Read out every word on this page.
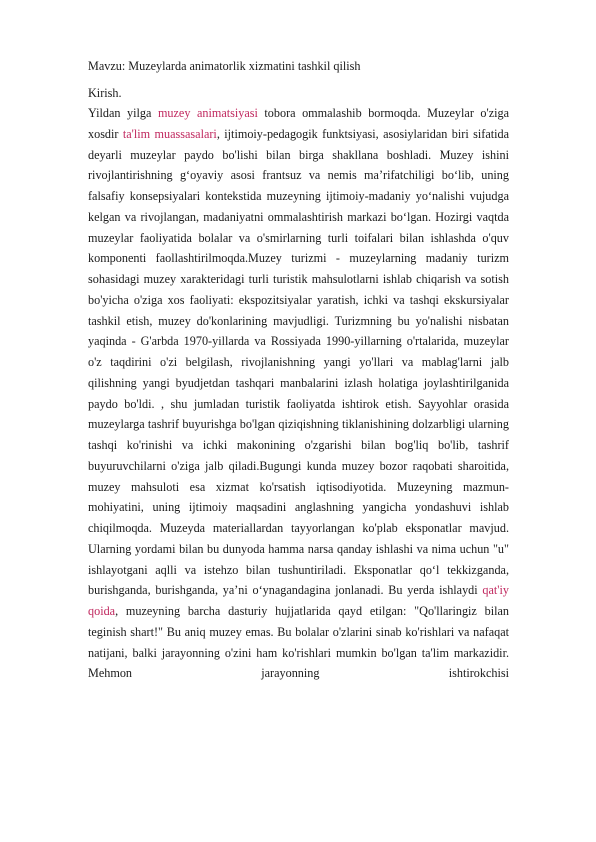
Mavzu: Muzeylarda animatorlik xizmatini tashkil qilish

Kirish.

Yildan yilga muzey animatsiyasi tobora ommalashib bormoqda. Muzeylar o'ziga xosdir ta'lim muassasalari, ijtimoiy-pedagogik funktsiyasi, asosiylaridan biri sifatida deyarli muzeylar paydo bo'lishi bilan birga shakllana boshladi. Muzey ishini rivojlantirishning g‘oyaviy asosi frantsuz va nemis ma’rifatchiligi bo‘lib, uning falsafiy konsepsiyalari kontekstida muzeyning ijtimoiy-madaniy yo‘nalishi vujudga kelgan va rivojlangan, madaniyatni ommalashtirish markazi bo‘lgan. Hozirgi vaqtda muzeylar faoliyatida bolalar va o'smirlarning turli toifalari bilan ishlashda o'quv komponenti faollashtirilmoqda.Muzey turizmi - muzeylarning madaniy turizm sohasidagi muzey xarakteridagi turli turistik mahsulotlarni ishlab chiqarish va sotish bo'yicha o'ziga xos faoliyati: ekspozitsiyalar yaratish, ichki va tashqi ekskursiyalar tashkil etish, muzey do'konlarining mavjudligi. Turizmning bu yo'nalishi nisbatan yaqinda - G'arbda 1970-yillarda va Rossiyada 1990-yillarning o'rtalarida, muzeylar o'z taqdirini o'zi belgilash, rivojlanishning yangi yo'llari va mablag'larni jalb qilishning yangi byudjetdan tashqari manbalarini izlash holatiga joylashtirilganida paydo bo'ldi. , shu jumladan turistik faoliyatda ishtirok etish. Sayyohlar orasida muzeylarga tashrif buyurishga bo'lgan qiziqishning tiklanishining dolzarbligi ularning tashqi ko'rinishi va ichki makonining o'zgarishi bilan bog'liq bo'lib, tashrif buyuruvchilarni o'ziga jalb qiladi.Bugungi kunda muzey bozor raqobati sharoitida, muzey mahsuloti esa xizmat ko'rsatish iqtisodiyotida. Muzeyning mazmun-mohiyatini, uning ijtimoiy maqsadini anglashning yangicha yondashuvi ishlab chiqilmoqda. Muzeyda materiallardan tayyorlangan ko'plab eksponatlar mavjud. Ularning yordami bilan bu dunyoda hamma narsa qanday ishlashi va nima uchun "u" ishlayotgani aqlli va istehzo bilan tushuntiriladi. Eksponatlar qo‘l tekkizganda, burishganda, burishganda, ya’ni o‘ynagandagina jonlanadi. Bu yerda ishlaydi qat'iy qoida, muzeyning barcha dasturiy hujjatlarida qayd etilgan: "Qo'llaringiz bilan teginish shart!" Bu aniq muzey emas. Bu bolalar o'zlarini sinab ko'rishlari va nafaqat natijani, balki jarayonning o'zini ham ko'rishlari mumkin bo'lgan ta'lim markazidir. Mehmon jarayonning ishtirokchisi
